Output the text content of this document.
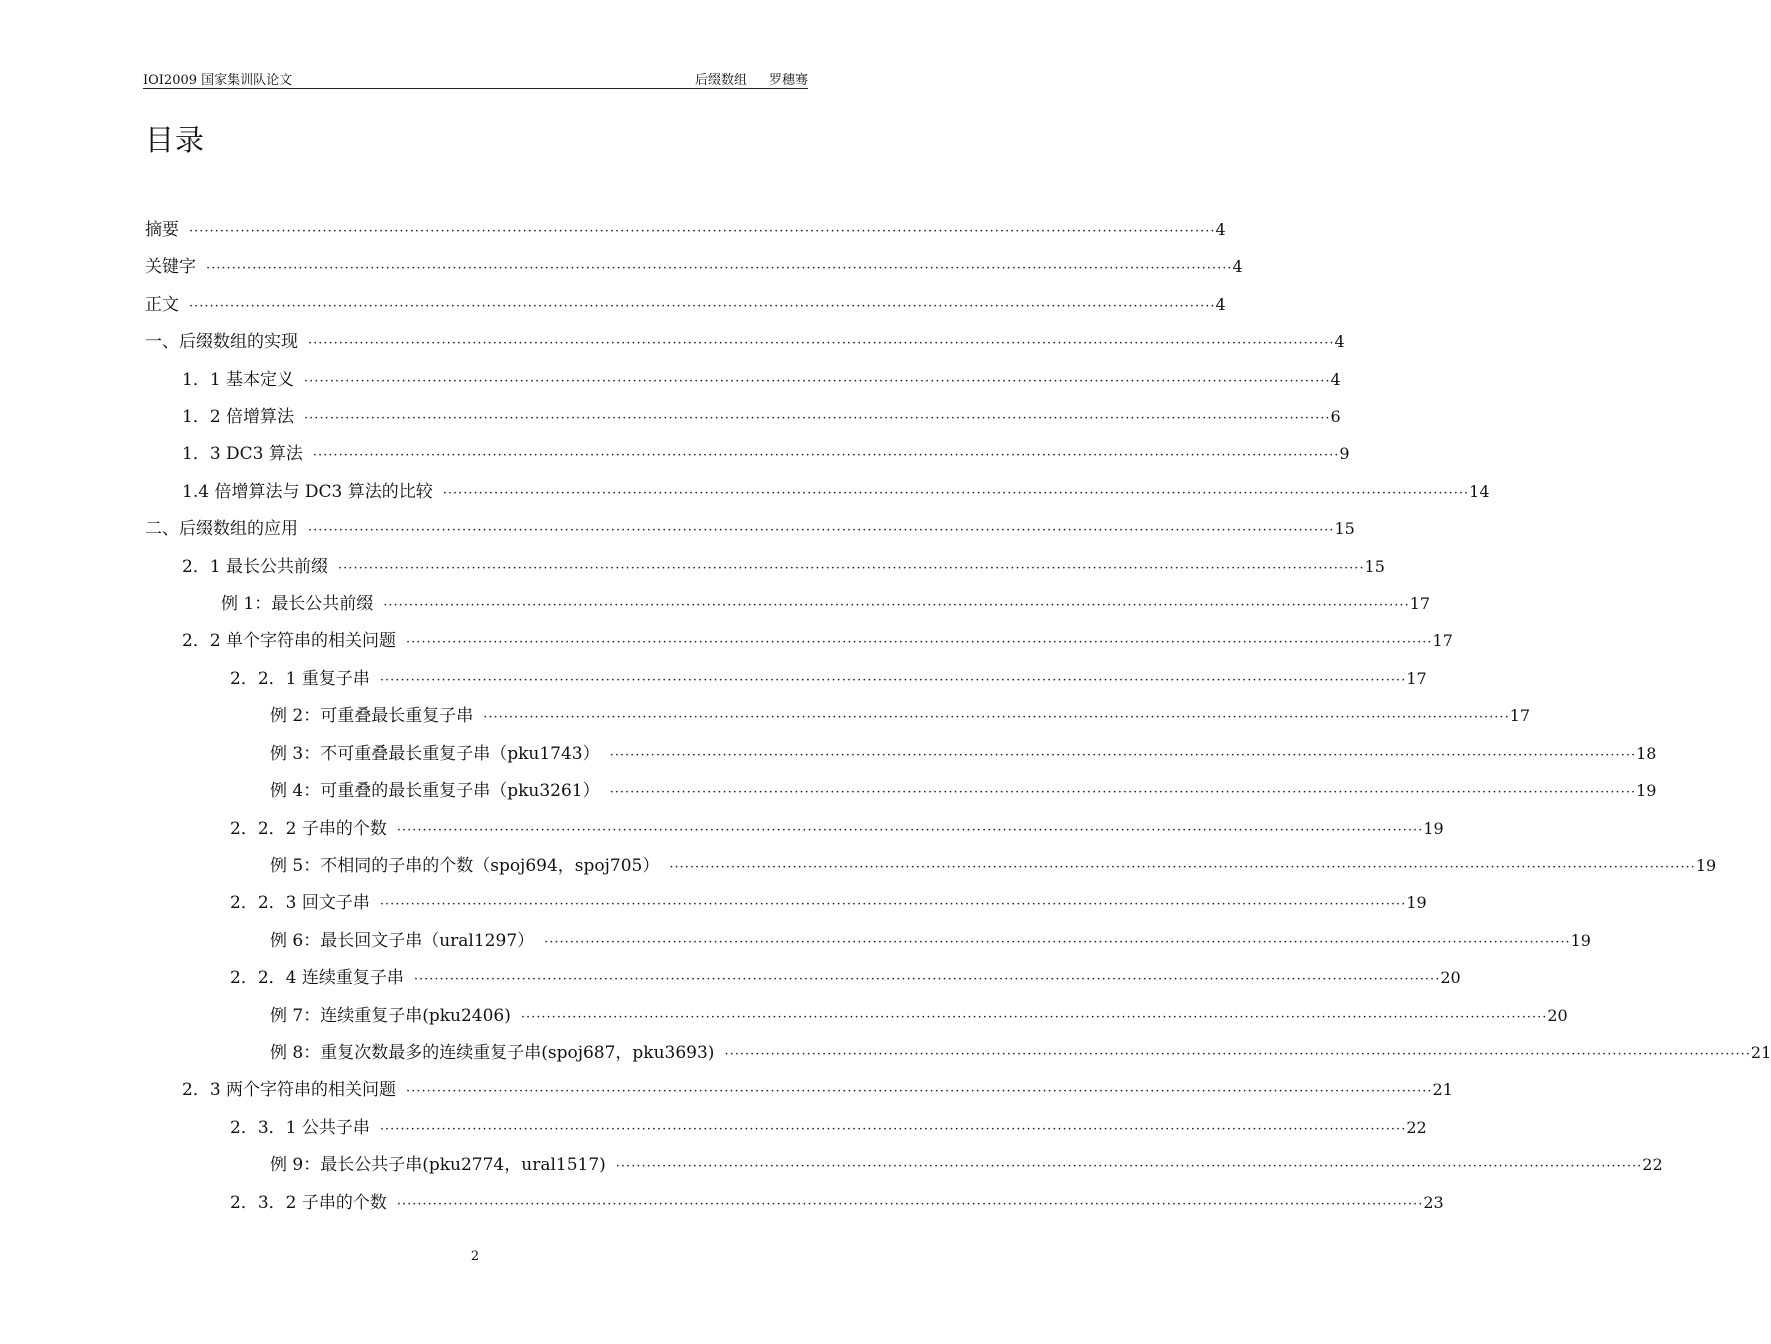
IOI2009 国家集训队论文	后缀数组 罗穗骞
目录
摘要 ········································································································································································································ 4
关键字 ········································································································································································································ 4
正文 ········································································································································································································ 4
一、后缀数组的实现 ········································································································································································································ 4
1．1 基本定义 ········································································································································································································ 4
1．2 倍增算法 ········································································································································································································ 6
1．3 DC3 算法 ········································································································································································································ 9
1.4 倍增算法与 DC3 算法的比较 ········································································································································································································ 14
二、后缀数组的应用 ········································································································································································································ 15
2．1 最长公共前缀 ········································································································································································································ 15
例 1：最长公共前缀 ········································································································································································································ 17
2．2 单个字符串的相关问题 ········································································································································································································ 17
2．2．1 重复子串 ········································································································································································································ 17
例 2：可重叠最长重复子串 ········································································································································································································ 17
例 3：不可重叠最长重复子串（pku1743） ········································································································································································································ 18
例 4：可重叠的最长重复子串（pku3261） ········································································································································································································ 19
2．2．2 子串的个数 ········································································································································································································ 19
例 5：不相同的子串的个数（spoj694，spoj705） ········································································································································································································ 19
2．2．3 回文子串 ········································································································································································································ 19
例 6：最长回文子串（ural1297） ········································································································································································································ 19
2．2．4 连续重复子串 ········································································································································································································ 20
例 7：连续重复子串(pku2406) ········································································································································································································ 20
例 8：重复次数最多的连续重复子串(spoj687，pku3693) ········································································································································································································ 21
2．3 两个字符串的相关问题 ········································································································································································································ 21
2．3．1 公共子串 ········································································································································································································ 22
例 9：最长公共子串(pku2774，ural1517) ········································································································································································································ 22
2．3．2 子串的个数 ········································································································································································································ 23
2
